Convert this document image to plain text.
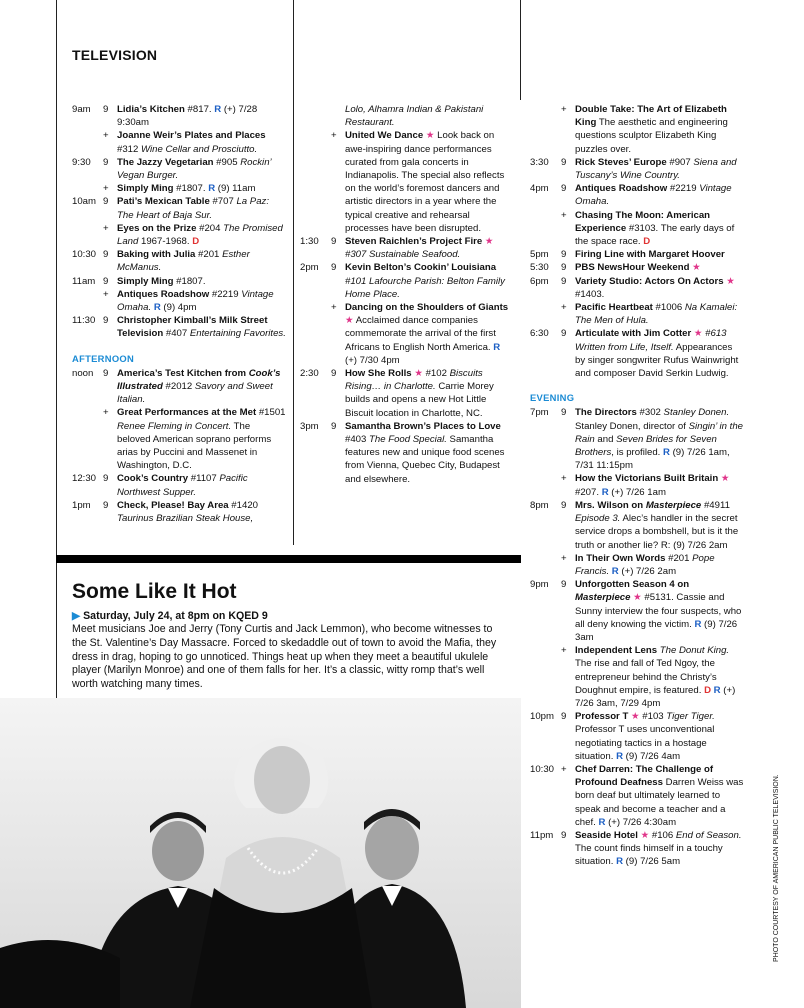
TELEVISION
9am	9 Lidia’s Kitchen #817. R (+) 7/28 9:30am
+ Joanne Weir’s Plates and Places #312 Wine Cellar and Prosciutto.
9:30	9 The Jazzy Vegetarian #905 Rockin’ Vegan Burger.
+ Simply Ming #1807. R (9) 11am
10am 9 Pati’s Mexican Table #707 La Paz: The Heart of Baja Sur.
+ Eyes on the Prize #204 The Promised Land 1967-1968. D
10:30 9 Baking with Julia #201 Esther McManus.
11am 9 Simply Ming #1807.
+ Antiques Roadshow #2219 Vintage Omaha. R (9) 4pm
11:30 9 Christopher Kimball’s Milk Street Television #407 Entertaining Favorites.
AFTERNOON
noon	9 America’s Test Kitchen from Cook’s Illustrated #2012 Savory and Sweet Italian.
+ Great Performances at the Met #1501 Renee Fleming in Concert. The beloved American soprano performs arias by Puccini and Massenet in Washington, D.C.
12:30 9 Cook’s Country #1107 Pacific Northwest Supper.
1pm	9 Check, Please! Bay Area #1420 Taurinus Brazilian Steak House,
Lolo, Alhamra Indian & Pakistani Restaurant.
+ United We Dance ★ Look back on awe-inspiring dance performances curated from gala concerts in Indianapolis. The special also reflects on the world’s foremost dancers and artistic directors in a year where the typical creative and rehearsal processes have been disrupted.
1:30	9 Steven Raichlen’s Project Fire ★ #307 Sustainable Seafood.
2pm	9 Kevin Belton’s Cookin’ Louisiana #101 Lafourche Parish: Belton Family Home Place.
+ Dancing on the Shoulders of Giants ★ Acclaimed dance companies commemorate the arrival of the first Africans to English North America. R (+) 7/30 4pm
2:30	9 How She Rolls ★ #102 Biscuits Rising… in Charlotte. Carrie Morey builds and opens a new Hot Little Biscuit location in Charlotte, NC.
3pm	9 Samantha Brown’s Places to Love #403 The Food Special. Samantha features new and unique food scenes from Vienna, Quebec City, Budapest and elsewhere.
+ Double Take: The Art of Elizabeth King The aesthetic and engineering questions sculptor Elizabeth King puzzles over.
3:30	9 Rick Steves’ Europe #907 Siena and Tuscany’s Wine Country.
4pm	9 Antiques Roadshow #2219 Vintage Omaha.
+ Chasing The Moon: American Experience #3103. The early days of the space race. D
5pm	9 Firing Line with Margaret Hoover
5:30	9 PBS NewsHour Weekend ★
6pm	9 Variety Studio: Actors On Actors ★ #1403.
+ Pacific Heartbeat #1006 Na Kamalei: The Men of Hula.
6:30	9 Articulate with Jim Cotter ★ #613 Written from Life, Itself. Appearances by singer songwriter Rufus Wainwright and composer David Serkin Ludwig.
EVENING
7pm	9 The Directors #302 Stanley Donen. Stanley Donen, director of Singin’ in the Rain and Seven Brides for Seven Brothers, is profiled. R (9) 7/26 1am, 7/31 11:15pm
+ How the Victorians Built Britain ★ #207. R (+) 7/26 1am
8pm	9 Mrs. Wilson on Masterpiece #4911 Episode 3. Alec’s handler in the secret service drops a bombshell, but is it the truth or another lie? R: (9) 7/26 2am
+ In Their Own Words #201 Pope Francis. R (+) 7/26 2am
9pm	9 Unforgotten Season 4 on Masterpiece ★ #5131. Cassie and Sunny interview the four suspects, who all deny knowing the victim. R (9) 7/26 3am
+ Independent Lens The Donut King. The rise and fall of Ted Ngoy, the entrepreneur behind the Christy’s Doughnut empire, is featured. D R (+) 7/26 3am, 7/29 4pm
10pm 9 Professor T ★ #103 Tiger Tiger. Professor T uses unconventional negotiating tactics in a hostage situation. R (9) 7/26 4am
10:30 + Chef Darren: The Challenge of Profound Deafness Darren Weiss was born deaf but ultimately learned to speak and become a teacher and a chef. R (+) 7/26 4:30am
11pm 9 Seaside Hotel ★ #106 End of Season. The count finds himself in a touchy situation. R (9) 7/26 5am
Some Like It Hot
▶ Saturday, July 24, at 8pm on KQED 9

Meet musicians Joe and Jerry (Tony Curtis and Jack Lemmon), who become witnesses to the St. Valentine’s Day Massacre. Forced to skedaddle out of town to avoid the Mafia, they dress in drag, hoping to go unnoticed. Things heat up when they meet a beautiful ukulele player (Marilyn Monroe) and one of them falls for her. It’s a classic, witty romp that’s well worth watching many times.

PHOTO COURTESY OF AMERICAN PUBLIC TELEVISION.
